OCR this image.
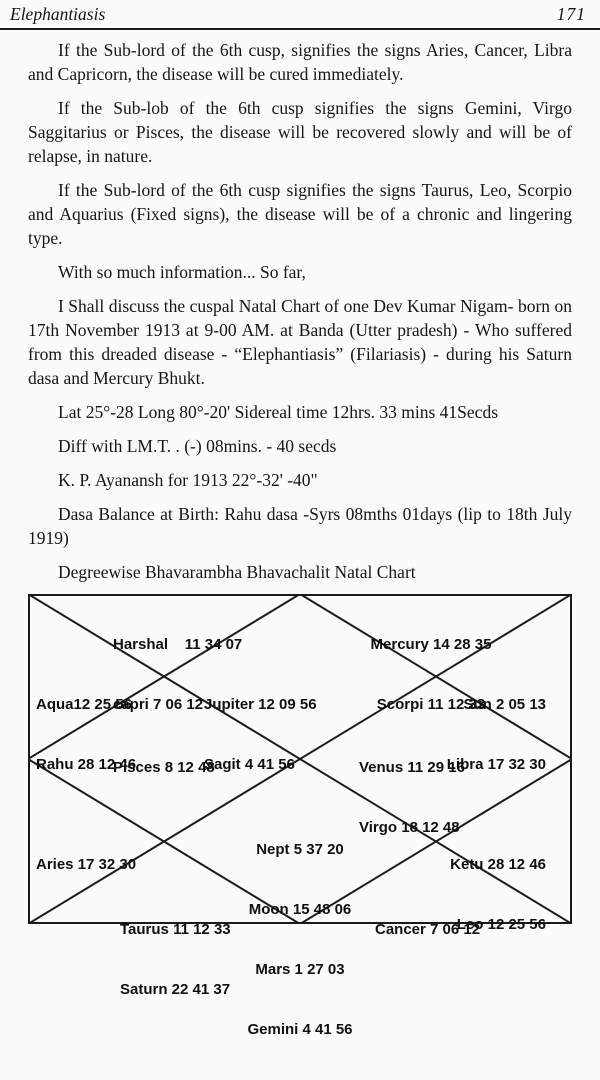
Elephantiasis	171

If the Sub-lord of the 6th cusp, signifies the signs Aries, Cancer, Libra and Capricorn, the disease will be cured immediately.

If the Sub-lob of the 6th cusp signifies the signs Gemini, Virgo Saggitarius or Pisces, the disease will be recovered slowly and will be of relapse, in nature.

If the Sub-lord of the 6th cusp signifies the signs Taurus, Leo, Scorpio and Aquarius (Fixed signs), the disease will be of a chronic and lingering type.

With so much information... So far,

I Shall discuss the cuspal Natal Chart of one Dev Kumar Nigam- born on 17th November 1913 at 9-00 AM. at Banda (Utter pradesh) - Who suffered from this dreaded disease - “Elephantiasis” (Filariasis) - during his Saturn dasa and Mercury Bhukt.

Lat 25°-28 Long 80°-20' Sidereal time 12hrs. 33 mins 41Secds

Diff with LM.T. . (-) 08mins. - 40 secds

K. P. Ayanansh for 1913 22°-32' -40"

Dasa Balance at Birth: Rahu dasa -Syrs 08mths 01days (lip to 18th July 1919)

Degreewise Bhavarambha Bhavachalit Natal Chart

Harshal    11 34 07

capri 7 06 12

Mercury 14 28 35

Scorpi 11 12 33

Aqua12 25 56

Rahu 28 12 46

Jupiter 12 09 56

Sagit 4 41 56

Sun 2 05 13

Libra 17 32 30

Pisces 8 12 48

	Venus 11 29 16

Virgo 18 12 48

Aries 17 32 30

Nept 5 37 20

Moon 15 48 06

Mars 1 27 03

Gemini 4 41 56

Ketu 28 12 46

Leo 12 25 56

Taurus 11 12 33

Saturn 22 41 37

Cancer 7 06 12
